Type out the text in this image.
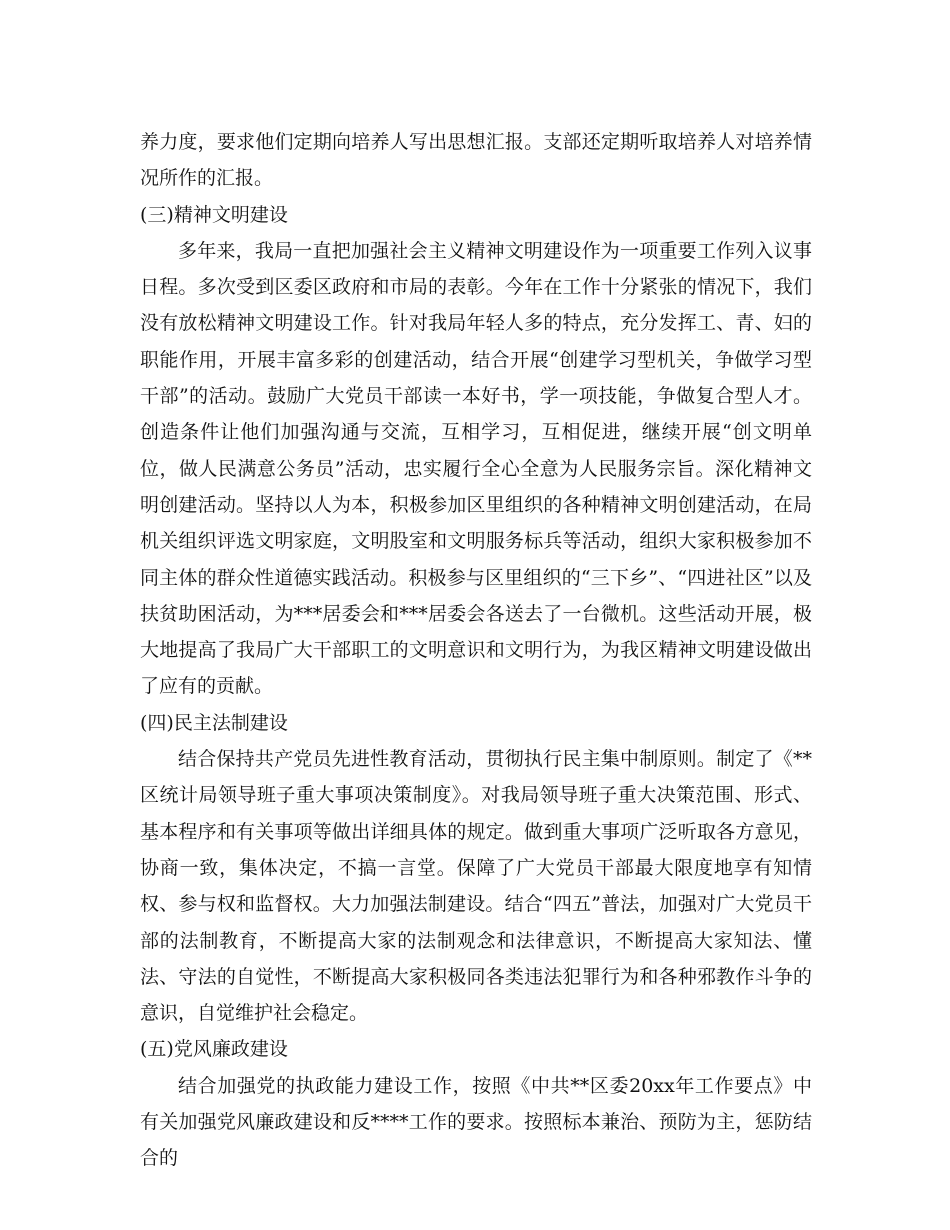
养力度，要求他们定期向培养人写出思想汇报。支部还定期听取培养人对培养情况所作的汇报。

(三)精神文明建设

多年来，我局一直把加强社会主义精神文明建设作为一项重要工作列入议事日程。多次受到区委区政府和市局的表彰。今年在工作十分紧张的情况下，我们没有放松精神文明建设工作。针对我局年轻人多的特点，充分发挥工、青、妇的职能作用，开展丰富多彩的创建活动，结合开展“创建学习型机关，争做学习型干部”的活动。鼓励广大党员干部读一本好书，学一项技能，争做复合型人才。创造条件让他们加强沟通与交流，互相学习，互相促进，继续开展“创文明单位，做人民满意公务员”活动，忠实履行全心全意为人民服务宗旨。深化精神文明创建活动。坚持以人为本，积极参加区里组织的各种精神文明创建活动，在局机关组织评选文明家庭，文明股室和文明服务标兵等活动，组织大家积极参加不同主体的群众性道德实践活动。积极参与区里组织的“三下乡”、“四进社区”以及扶贫助困活动，为***居委会和***居委会各送去了一台微机。这些活动开展，极大地提高了我局广大干部职工的文明意识和文明行为，为我区精神文明建设做出了应有的贡献。

(四)民主法制建设

结合保持共产党员先进性教育活动，贯彻执行民主集中制原则。制定了《**区统计局领导班子重大事项决策制度》。对我局领导班子重大决策范围、形式、基本程序和有关事项等做出详细具体的规定。做到重大事项广泛听取各方意见，协商一致，集体决定，不搞一言堂。保障了广大党员干部最大限度地享有知情权、参与权和监督权。大力加强法制建设。结合“四五”普法，加强对广大党员干部的法制教育，不断提高大家的法制观念和法律意识，不断提高大家知法、懂法、守法的自觉性，不断提高大家积极同各类违法犯罪行为和各种邪教作斗争的意识，自觉维护社会稳定。

(五)党风廉政建设

结合加强党的执政能力建设工作，按照《中共**区委20xx年工作要点》中有关加强党风廉政建设和反****工作的要求。按照标本兼治、预防为主，惩防结合的
